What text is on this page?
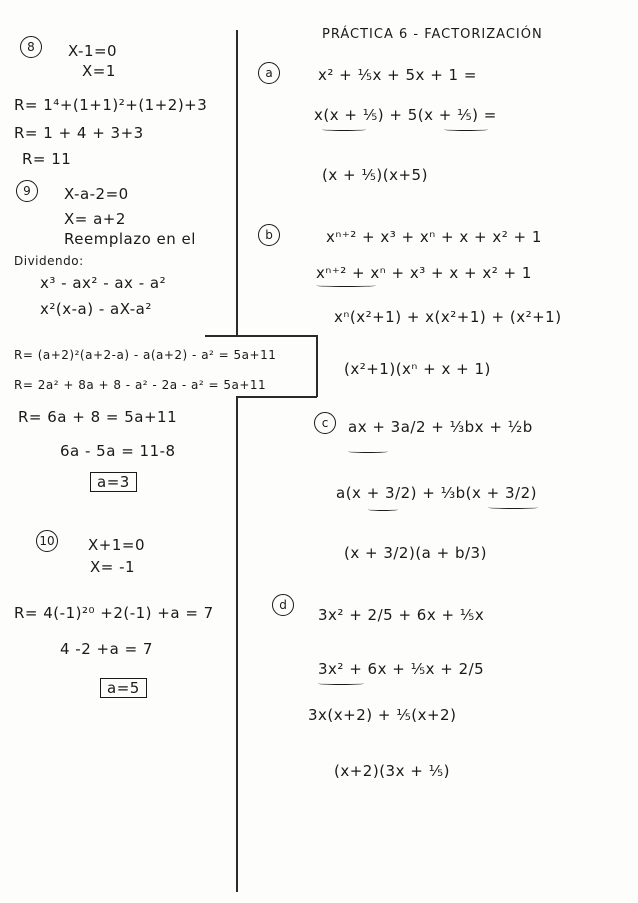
PRÁCTICA 6 - FACTORIZACIÓN
8	X-1=0
X=1
R= 1⁴+(1+1)²+(1+2)+3
R= 1 + 4 + 3+3
R= 11
9	X-a-2=0
X= a+2
Reemplazo en el
Dividendo:
x³ - ax² - ax - a²
x²(x-a) - aX-a²
R= (a+2)²(a+2-a) - a(a+2) - a² = 5a+11
R= 2a² + 8a + 8 - a² - 2a - a² = 5a+11
R= 6a + 8 = 5a+11
6a - 5a = 11-8
a=3
10 X+1=0
X= -1
R= 4(-1)²⁰ +2(-1) +a = 7
4 -2 +a = 7
a=5
a	x² + ⅕x + 5x + 1 =
x(x + ⅕) + 5(x + ⅕) =
(x + ⅕)(x+5)
b	xⁿ⁺² + x³ + xⁿ + x + x² + 1
xⁿ⁺² + xⁿ + x³ + x + x² + 1
xⁿ(x²+1) + x(x²+1) + (x²+1)
(x²+1)(xⁿ + x + 1)
c	ax + 3a/2 + ⅓bx + ½b
a(x + 3/2) + ⅓b(x + 3/2)
(x + 3/2)(a + b/3)
d
3x² + 2/5 + 6x + ⅕x
3x² + 6x + ⅕x + 2/5
3x(x+2) + ⅕(x+2)
(x+2)(3x + ⅕)
